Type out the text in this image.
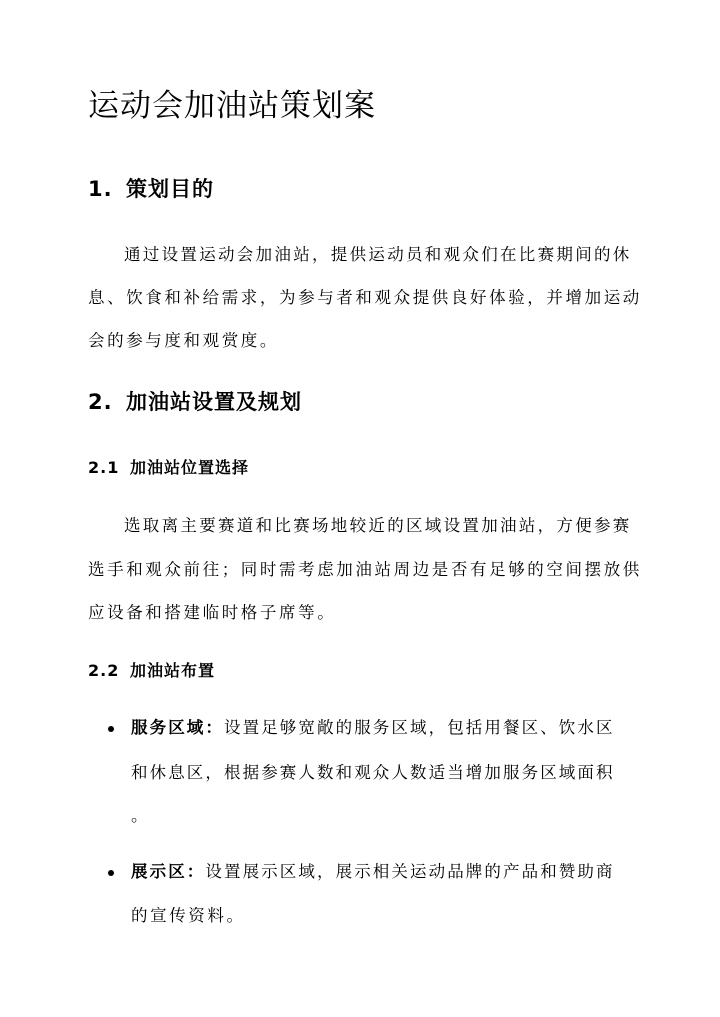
运动会加油站策划案
1. 策划目的

通过设置运动会加油站，提供运动员和观众们在比赛期间的休

息、饮食和补给需求，为参与者和观众提供良好体验，并增加运动

会的参与度和观赏度。

2. 加油站设置及规划
2.1 加油站位置选择

选取离主要赛道和比赛场地较近的区域设置加油站，方便参赛

选手和观众前往；同时需考虑加油站周边是否有足够的空间摆放供

应设备和搭建临时格子席等。

2.2 加油站布置

服务区域：设置足够宽敞的服务区域，包括用餐区、饮水区

和休息区，根据参赛人数和观众人数适当增加服务区域面积

。

展示区：设置展示区域，展示相关运动品牌的产品和赞助商

的宣传资料。
